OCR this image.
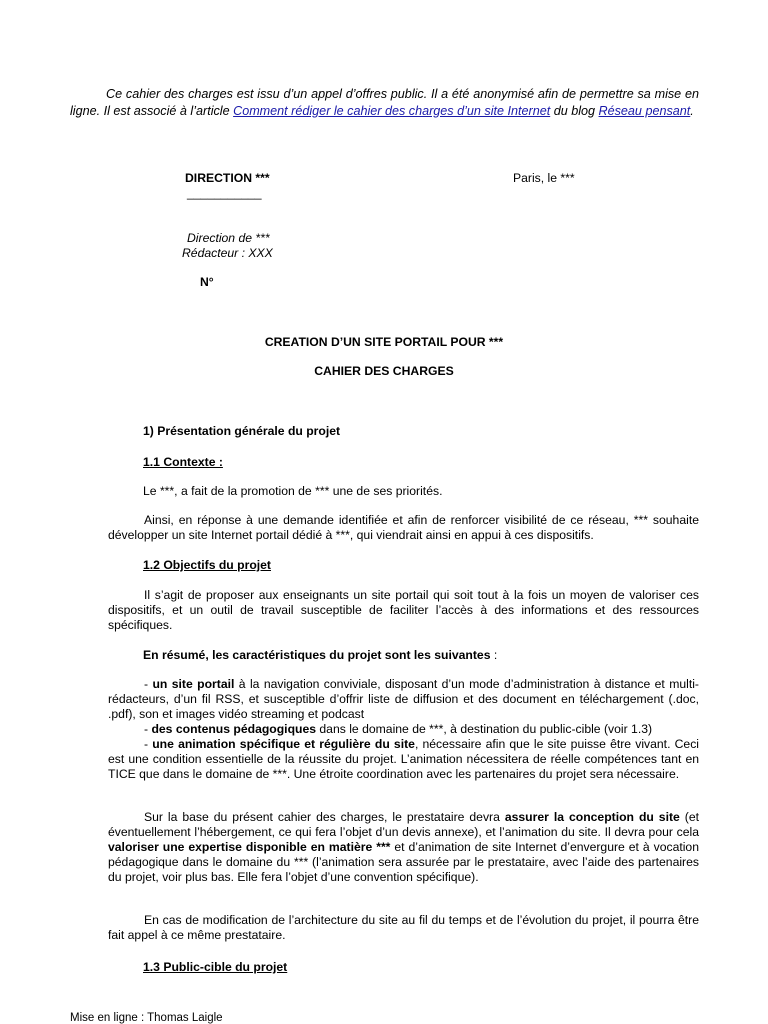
Ce cahier des charges est issu d’un appel d’offres public. Il a été anonymisé afin de permettre sa mise en ligne. Il est associé à l’article Comment rédiger le cahier des charges d’un site Internet du blog Réseau pensant.
DIRECTION ***
___________
Paris, le ***
Direction de ***
Rédacteur : XXX
N°
CREATION D’UN SITE PORTAIL POUR ***
CAHIER DES CHARGES
1) Présentation générale du projet
1.1 Contexte :
Le ***, a fait de la promotion de *** une de ses priorités.
Ainsi, en réponse à une demande identifiée et afin de renforcer visibilité de ce réseau, *** souhaite développer un site Internet portail dédié à ***, qui viendrait ainsi en appui à ces dispositifs.
1.2 Objectifs du projet
Il s’agit de proposer aux enseignants un site portail qui soit tout à la fois un moyen de valoriser ces dispositifs, et un outil de travail susceptible de faciliter l’accès à des informations et des ressources spécifiques.
En résumé, les caractéristiques du projet sont les suivantes :
- un site portail à la navigation conviviale, disposant d’un mode d’administration à distance et multi-rédacteurs, d’un fil RSS, et susceptible d’offrir liste de diffusion et des document en téléchargement (.doc, .pdf), son et images vidéo streaming et podcast
- des contenus pédagogiques dans le domaine de ***, à destination du public-cible (voir 1.3)
- une animation spécifique et régulière du site, nécessaire afin que le site puisse être vivant. Ceci est une condition essentielle de la réussite du projet. L’animation nécessitera de réelle compétences tant en TICE que dans le domaine de ***. Une étroite coordination avec les partenaires du projet sera nécessaire.
Sur la base du présent cahier des charges, le prestataire devra assurer la conception du site (et éventuellement l’hébergement, ce qui fera l’objet d’un devis annexe), et l’animation du site. Il devra pour cela valoriser une expertise disponible en matière *** et d’animation de site Internet d’envergure et à vocation pédagogique dans le domaine du *** (l’animation sera assurée par le prestataire, avec l’aide des partenaires du projet, voir plus bas. Elle fera l’objet d’une convention spécifique).
En cas de modification de l’architecture du site au fil du temps et de l’évolution du projet, il pourra être fait appel à ce même prestataire.
1.3 Public-cible du projet
Mise en ligne : Thomas Laigle
